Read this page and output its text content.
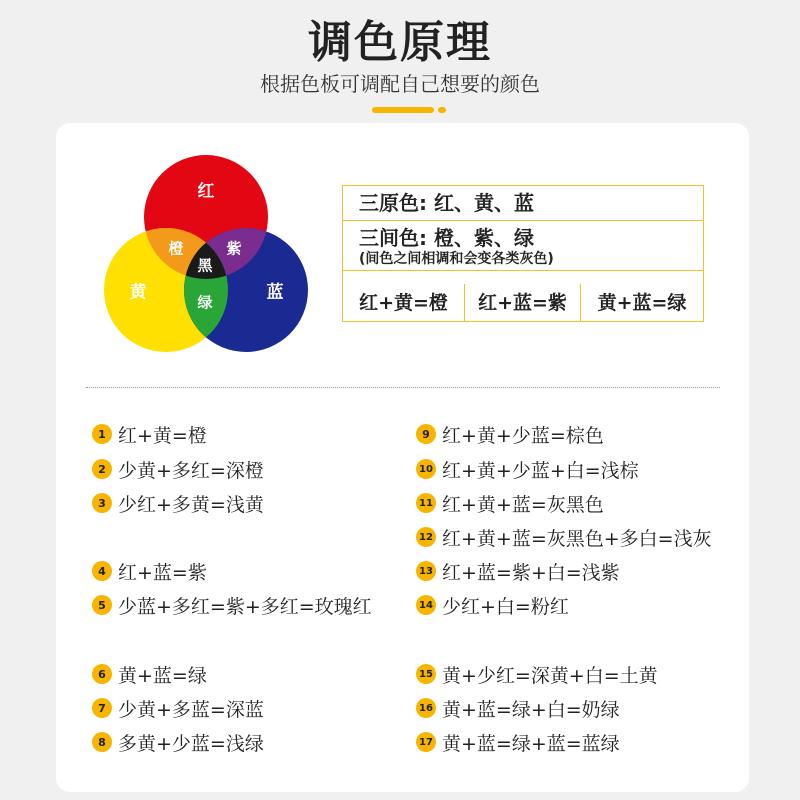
调色原理
根据色板可调配自己想要的颜色
红
黄	蓝
橙	紫
绿
黑
三原色: 红、黄、蓝
三间色: 橙、紫、绿
(间色之间相调和会变各类灰色)
红+黄=橙	红+蓝=紫	黄+蓝=绿
1 红+黄=橙
2 少黄+多红=深橙
3 少红+多黄=浅黄
4 红+蓝=紫
5 少蓝+多红=紫+多红=玫瑰红
6 黄+蓝=绿
7 少黄+多蓝=深蓝
8 多黄+少蓝=浅绿
9 红+黄+少蓝=棕色
10 红+黄+少蓝+白=浅棕
11 红+黄+蓝=灰黑色
12 红+黄+蓝=灰黑色+多白=浅灰
13 红+蓝=紫+白=浅紫
14 少红+白=粉红
15 黄+少红=深黄+白=土黄
16 黄+蓝=绿+白=奶绿
17 黄+蓝=绿+蓝=蓝绿
